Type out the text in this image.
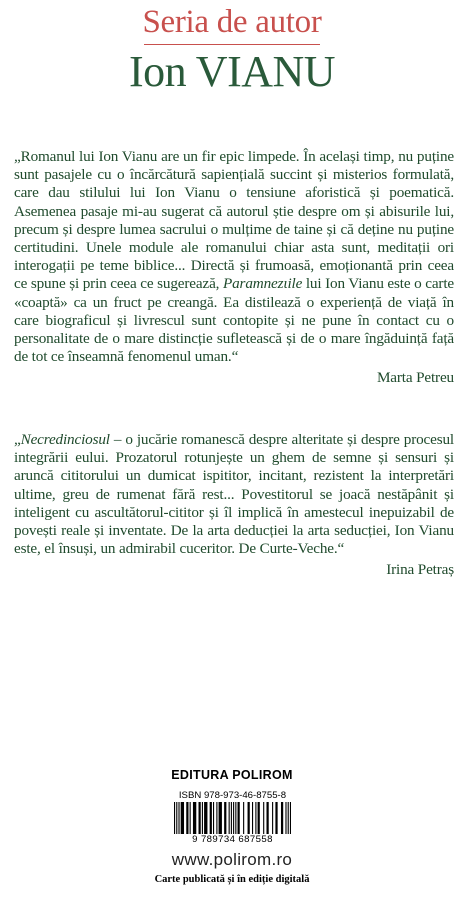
Seria de autor
Ion VIANU

„Romanul lui Ion Vianu are un fir epic limpede. În același timp, nu puține sunt pasajele cu o încărcătură sapiențială succint și misterios formulată, care dau stilului lui Ion Vianu o tensiune aforistică și poematică. Asemenea pasaje mi-au sugerat că autorul știe despre om și abisurile lui, precum și despre lumea sacrului o mulțime de taine și că deține nu puține certitudini. Unele module ale romanului chiar asta sunt, meditații ori interogații pe teme biblice... Directă și frumoasă, emoționantă prin ceea ce spune și prin ceea ce sugerează, Paramnezιile lui Ion Vianu este o carte «coaptă» ca un fruct pe creangă. Ea distilează o experiență de viață în care biograficul și livrescul sunt contopite și ne pune în contact cu o personalitate de o mare distincție sufletească și de o mare îngăduință față de tot ce înseamnă fenomenul uman.“

Marta Petreu

„Necredinciosul – o jucărie romanescă despre alteritate și despre procesul integrării eului. Prozatorul rotunjește un ghem de semne și sensuri și aruncă cititorului un dumicat ispititor, incitant, rezistent la interpretări ultime, greu de rumenat fără rest... Povestitorul se joacă nestăpânit și inteligent cu ascultătorul-cititor și îl implică în amestecul inepuizabil de povești reale și inventate. De la arta deducției la arta seducției, Ion Vianu este, el însuși, un admirabil cuceritor. De Curte-Veche.“

Irina Petraș

EDITURA POLIROM
ISBN 978-973-46-8755-8
9 789734 687558
www.polirom.ro
Carte publicată și în ediție digitală
